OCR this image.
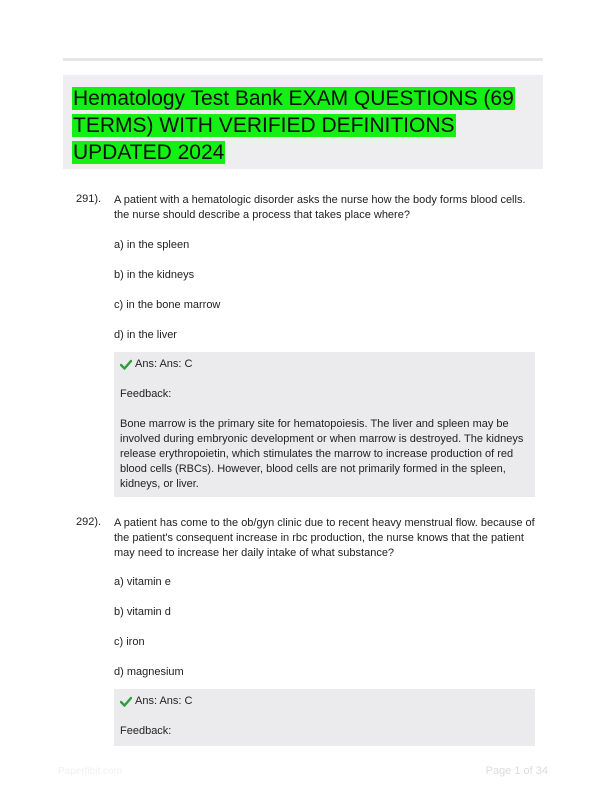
Hematology Test Bank EXAM QUESTIONS (69 TERMS) WITH VERIFIED DEFINITIONS UPDATED 2024
291). A patient with a hematologic disorder asks the nurse how the body forms blood cells. the nurse should describe a process that takes place where?
a) in the spleen
b) in the kidneys
c) in the bone marrow
d) in the liver
Ans: Ans: C
Feedback:
Bone marrow is the primary site for hematopoiesis. The liver and spleen may be involved during embryonic development or when marrow is destroyed. The kidneys release erythropoietin, which stimulates the marrow to increase production of red blood cells (RBCs). However, blood cells are not primarily formed in the spleen, kidneys, or liver.
292). A patient has come to the ob/gyn clinic due to recent heavy menstrual flow. because of the patient's consequent increase in rbc production, the nurse knows that the patient may need to increase her daily intake of what substance?
a) vitamin e
b) vitamin d
c) iron
d) magnesium
Ans: Ans: C
Feedback:
Paperfibit.com	Page 1 of 34
